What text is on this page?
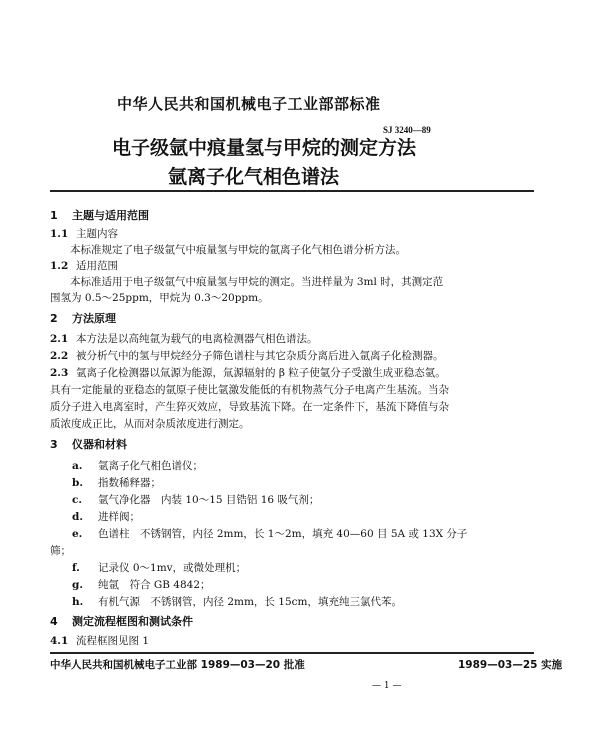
中华人民共和国机械电子工业部部标准
SJ 3240—89
电子级氩中痕量氢与甲烷的测定方法
氩离子化气相色谱法
1 主题与适用范围
1.1 主题内容
本标准规定了电子级氩气中痕量氢与甲烷的氩离子化气相色谱分析方法。
1.2 适用范围
本标准适用于电子级氩气中痕量氢与甲烷的测定。当进样量为 3ml 时，其测定范
围氢为 0.5～25ppm，甲烷为 0.3～20ppm。
2 方法原理
2.1 本方法是以高纯氩为载气的电离检测器气相色谱法。
2.2 被分析气中的氢与甲烷经分子筛色谱柱与其它杂质分离后进入氩离子化检测器。
2.3 氩离子化检测器以氚源为能源，氚源辐射的 β 粒子使氩分子受激生成亚稳态氩。
具有一定能量的亚稳态的氩原子使比氩激发能低的有机物蒸气分子电离产生基流。当杂
质分子进入电离室时，产生猝灭效应，导致基流下降。在一定条件下，基流下降值与杂
质浓度成正比，从而对杂质浓度进行测定。
3 仪器和材料
a. 氩离子化气相色谱仪；
b. 指数稀释器；
c. 氩气净化器　内装 10～15 目锆铝 16 吸气剂；
d. 进样阀；
e. 色谱柱　不锈钢管，内径 2mm，长 1～2m，填充 40—60 目 5A 或 13X 分子
筛；
f. 记录仪 0～1mv，或微处理机；
g. 纯氩　符合 GB 4842；
h. 有机气源　不锈钢管，内径 2mm，长 15cm，填充纯三氯代苯。
4 测定流程框图和测试条件
4.1 流程框图见图 1
中华人民共和国机械电子工业部 1989—03—20 批准	1989—03—25 实施
— 1 —
